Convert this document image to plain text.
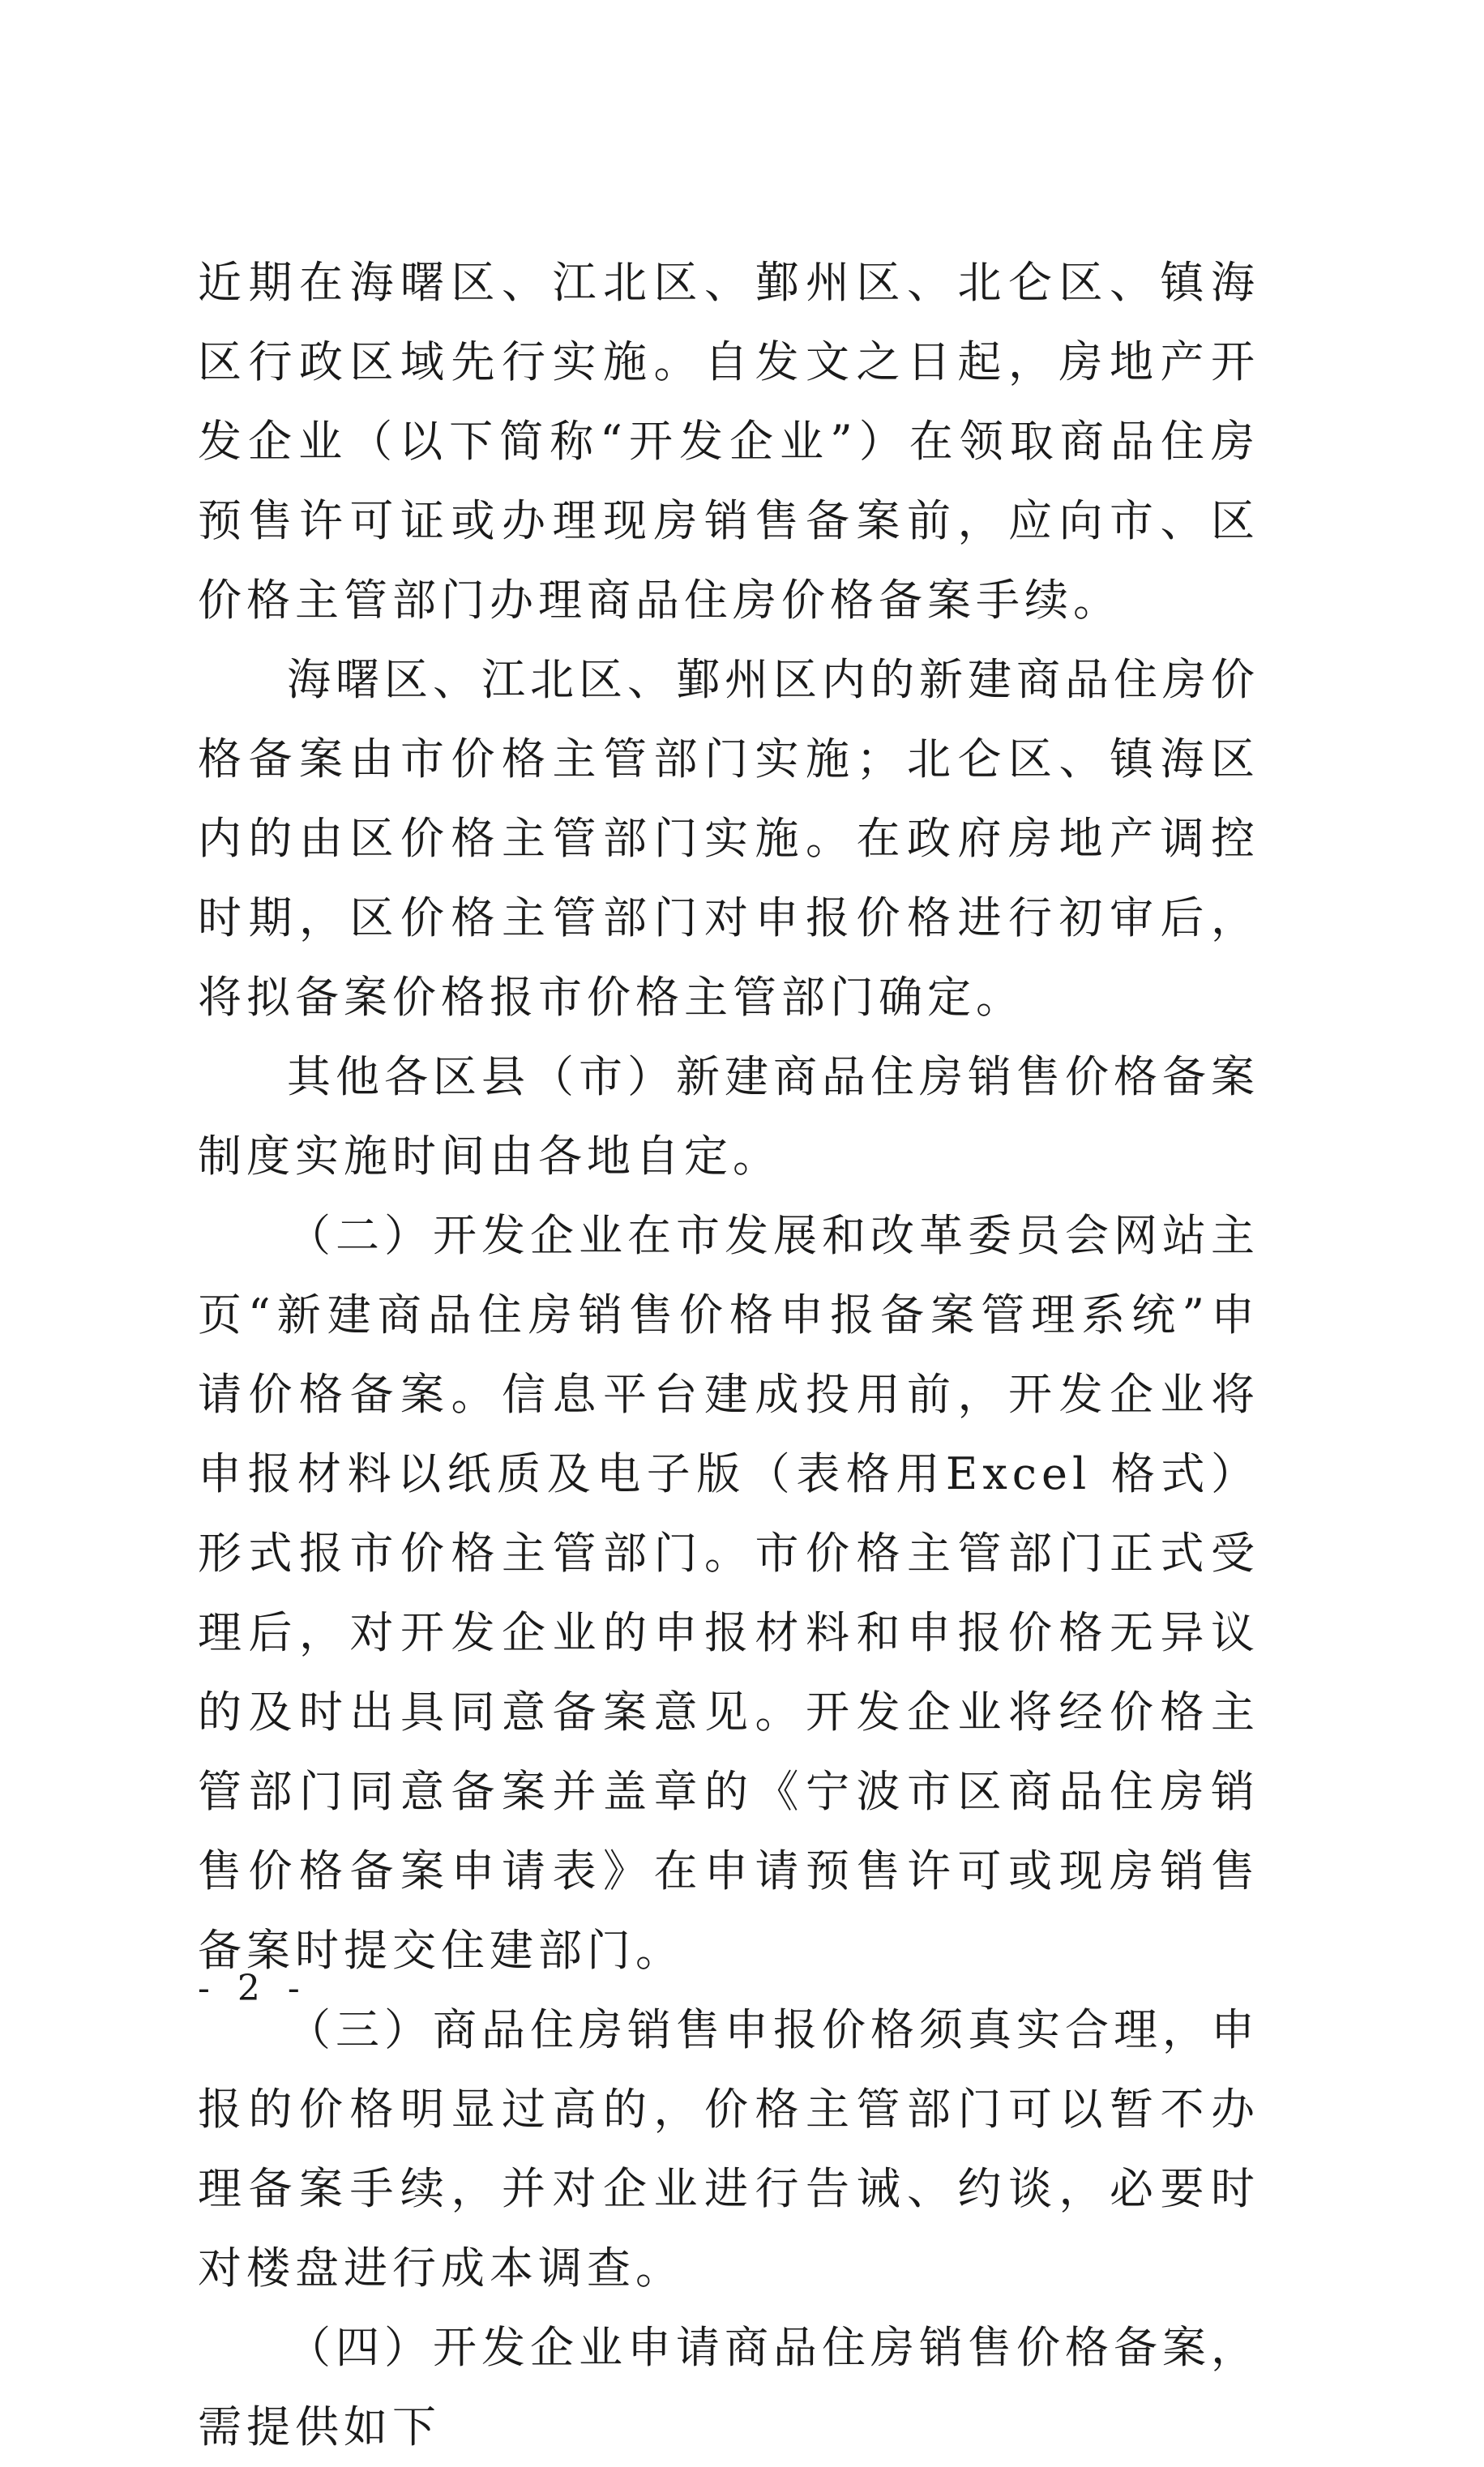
近期在海曙区、江北区、鄞州区、北仑区、镇海区行政区域先行实施。自发文之日起，房地产开发企业（以下简称“开发企业”）在领取商品住房预售许可证或办理现房销售备案前，应向市、区价格主管部门办理商品住房价格备案手续。

海曙区、江北区、鄞州区内的新建商品住房价格备案由市价格主管部门实施；北仑区、镇海区内的由区价格主管部门实施。在政府房地产调控时期，区价格主管部门对申报价格进行初审后，将拟备案价格报市价格主管部门确定。

其他各区县（市）新建商品住房销售价格备案制度实施时间由各地自定。

（二）开发企业在市发展和改革委员会网站主页“新建商品住房销售价格申报备案管理系统”申请价格备案。信息平台建成投用前，开发企业将申报材料以纸质及电子版（表格用Excel 格式）形式报市价格主管部门。市价格主管部门正式受理后，对开发企业的申报材料和申报价格无异议的及时出具同意备案意见。开发企业将经价格主管部门同意备案并盖章的《宁波市区商品住房销售价格备案申请表》在申请预售许可或现房销售备案时提交住建部门。

（三）商品住房销售申报价格须真实合理，申报的价格明显过高的，价格主管部门可以暂不办理备案手续，并对企业进行告诫、约谈，必要时对楼盘进行成本调查。

（四）开发企业申请商品住房销售价格备案，需提供如下

- 2 -
